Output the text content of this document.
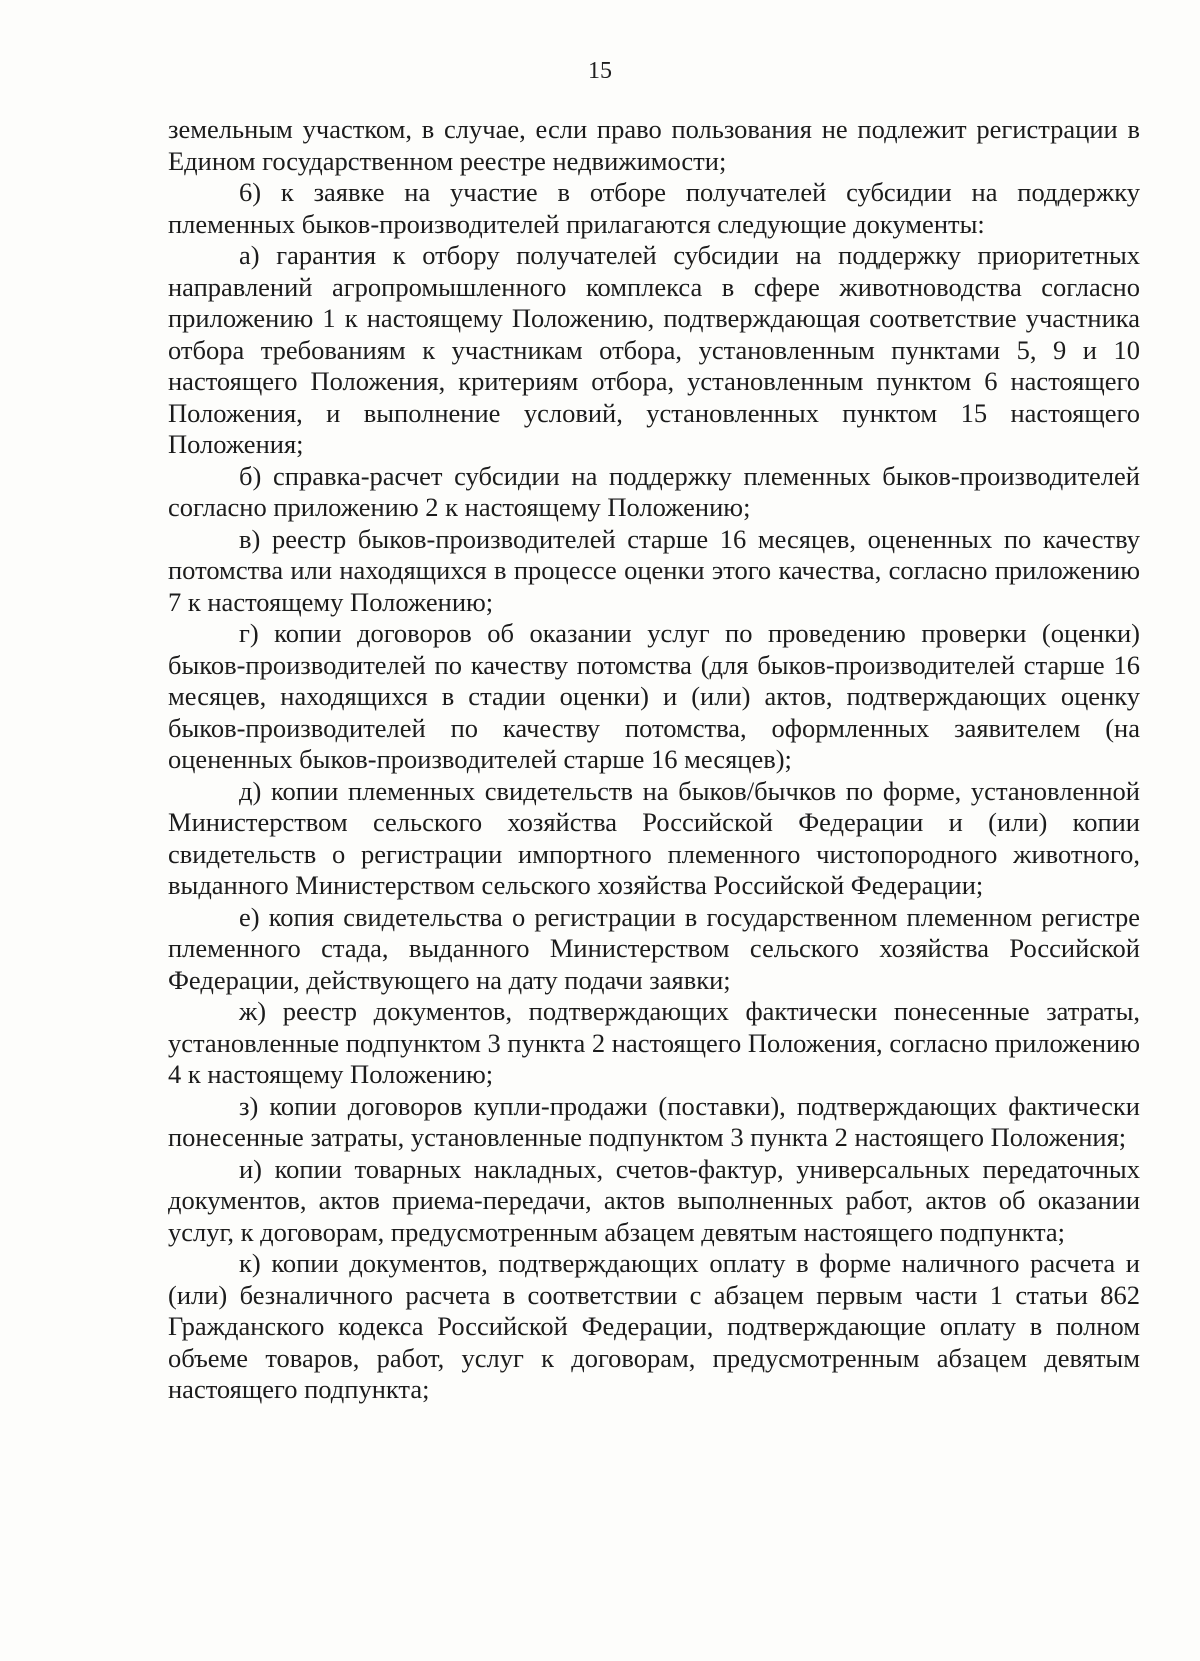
15

земельным участком, в случае, если право пользования не подлежит регистрации в Едином государственном реестре недвижимости;

6) к заявке на участие в отборе получателей субсидии на поддержку племенных быков-производителей прилагаются следующие документы:

а) гарантия к отбору получателей субсидии на поддержку приоритетных направлений агропромышленного комплекса в сфере животноводства согласно приложению 1 к настоящему Положению, подтверждающая соответствие участника отбора требованиям к участникам отбора, установленным пунктами 5, 9 и 10 настоящего Положения, критериям отбора, установленным пунктом 6 настоящего Положения, и выполнение условий, установленных пунктом 15 настоящего Положения;

б) справка-расчет субсидии на поддержку племенных быков-производителей согласно приложению 2 к настоящему Положению;

в) реестр быков-производителей старше 16 месяцев, оцененных по качеству потомства или находящихся в процессе оценки этого качества, согласно приложению 7 к настоящему Положению;

г) копии договоров об оказании услуг по проведению проверки (оценки) быков-производителей по качеству потомства (для быков-производителей старше 16 месяцев, находящихся в стадии оценки) и (или) актов, подтверждающих оценку быков-производителей по качеству потомства, оформленных заявителем (на оцененных быков-производителей старше 16 месяцев);

д) копии племенных свидетельств на быков/бычков по форме, установленной Министерством сельского хозяйства Российской Федерации и (или) копии свидетельств о регистрации импортного племенного чистопородного животного, выданного Министерством сельского хозяйства Российской Федерации;

е) копия свидетельства о регистрации в государственном племенном регистре племенного стада, выданного Министерством сельского хозяйства Российской Федерации, действующего на дату подачи заявки;

ж) реестр документов, подтверждающих фактически понесенные затраты, установленные подпунктом 3 пункта 2 настоящего Положения, согласно приложению 4 к настоящему Положению;

з) копии договоров купли-продажи (поставки), подтверждающих фактически понесенные затраты, установленные подпунктом 3 пункта 2 настоящего Положения;

и) копии товарных накладных, счетов-фактур, универсальных передаточных документов, актов приема-передачи, актов выполненных работ, актов об оказании услуг, к договорам, предусмотренным абзацем девятым настоящего подпункта;

к) копии документов, подтверждающих оплату в форме наличного расчета и (или) безналичного расчета в соответствии с абзацем первым части 1 статьи 862 Гражданского кодекса Российской Федерации, подтверждающие оплату в полном объеме товаров, работ, услуг к договорам, предусмотренным абзацем девятым настоящего подпункта;
